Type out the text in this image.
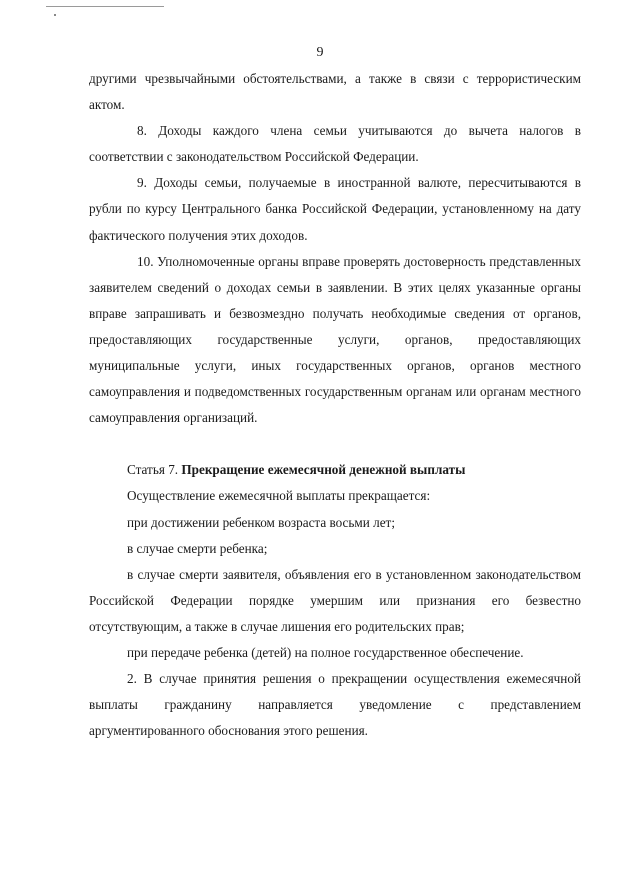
9

другими чрезвычайными обстоятельствами, а также в связи с террористическим актом.

8. Доходы каждого члена семьи учитываются до вычета налогов в соответствии с законодательством Российской Федерации.

9. Доходы семьи, получаемые в иностранной валюте, пересчитываются в рубли по курсу Центрального банка Российской Федерации, установленному на дату фактического получения этих доходов.

10. Уполномоченные органы вправе проверять достоверность представленных заявителем сведений о доходах семьи в заявлении. В этих целях указанные органы вправе запрашивать и безвозмездно получать необходимые сведения от органов, предоставляющих государственные услуги, органов, предоставляющих муниципальные услуги, иных государственных органов, органов местного самоуправления и подведомственных государственным органам или органам местного самоуправления организаций.

Статья 7. Прекращение ежемесячной денежной выплаты

Осуществление ежемесячной выплаты прекращается:

при достижении ребенком возраста восьми лет;

в случае смерти ребенка;

в случае смерти заявителя, объявления его в установленном законодательством Российской Федерации порядке умершим или признания его безвестно отсутствующим, а также в случае лишения его родительских прав;

при передаче ребенка (детей) на полное государственное обеспечение.

2. В случае принятия решения о прекращении осуществления ежемесячной выплаты гражданину направляется уведомление с представлением аргументированного обоснования этого решения.
